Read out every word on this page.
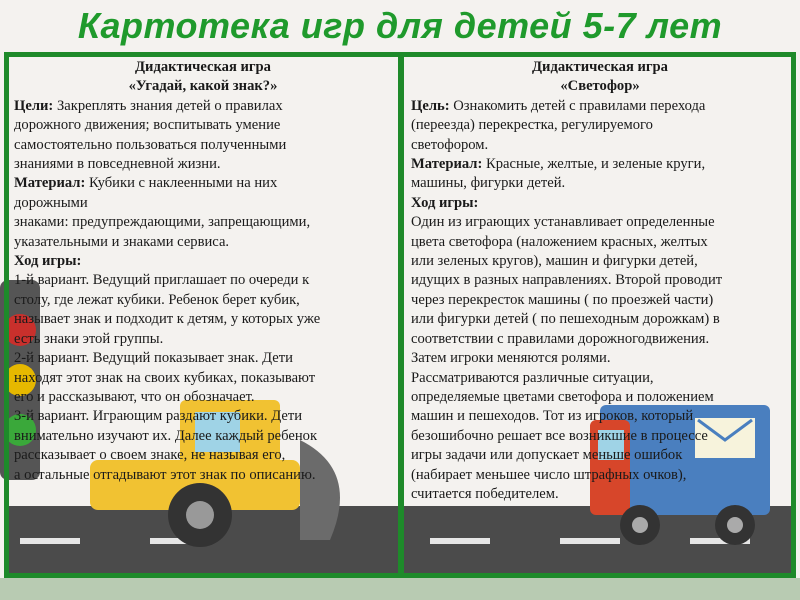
Картотека игр для детей 5-7 лет
Дидактическая игра
«Угадай, какой знак?»
Цели: Закреплять знания детей о правилах
дорожного движения; воспитывать умение
самостоятельно пользоваться полученными
знаниями в повседневной жизни.
Материал: Кубики с наклеенными на них
дорожными
знаками: предупреждающими, запрещающими,
указательными и знаками сервиса.
Ход игры:
1-й вариант. Ведущий приглашает по очереди к
столу, где лежат кубики. Ребенок берет кубик,
называет знак и подходит к детям, у которых уже
есть знаки этой группы.
2-й вариант. Ведущий показывает знак. Дети
находят этот знак на своих кубиках, показывают
его и рассказывают, что он обозначает.
3-й вариант. Играющим раздают кубики. Дети
внимательно изучают их. Далее каждый ребенок
рассказывает о своем знаке, не называя его,
а остальные отгадывают этот знак по описанию.
Дидактическая игра
«Светофор»
Цель: Ознакомить детей с правилами перехода
(переезда) перекрестка, регулируемого
светофором.
Материал: Красные, желтые, и зеленые круги,
машины, фигурки детей.
Ход игры:
Один из играющих устанавливает определенные
цвета светофора (наложением красных, желтых
или зеленых кругов), машин и фигурки детей,
идущих в разных направлениях. Второй проводит
через перекресток машины ( по проезжей части)
или фигурки детей ( по пешеходным дорожкам) в
соответствии с правилами дорожногодвижения.
Затем игроки меняются ролями.
Рассматриваются различные ситуации,
определяемые цветами светофора и положением
машин и пешеходов. Тот из игроков, который
безошибочно решает все возникшие в процессе
игры задачи или допускает меньше ошибок
(набирает меньшее число штрафных очков),
считается победителем.
